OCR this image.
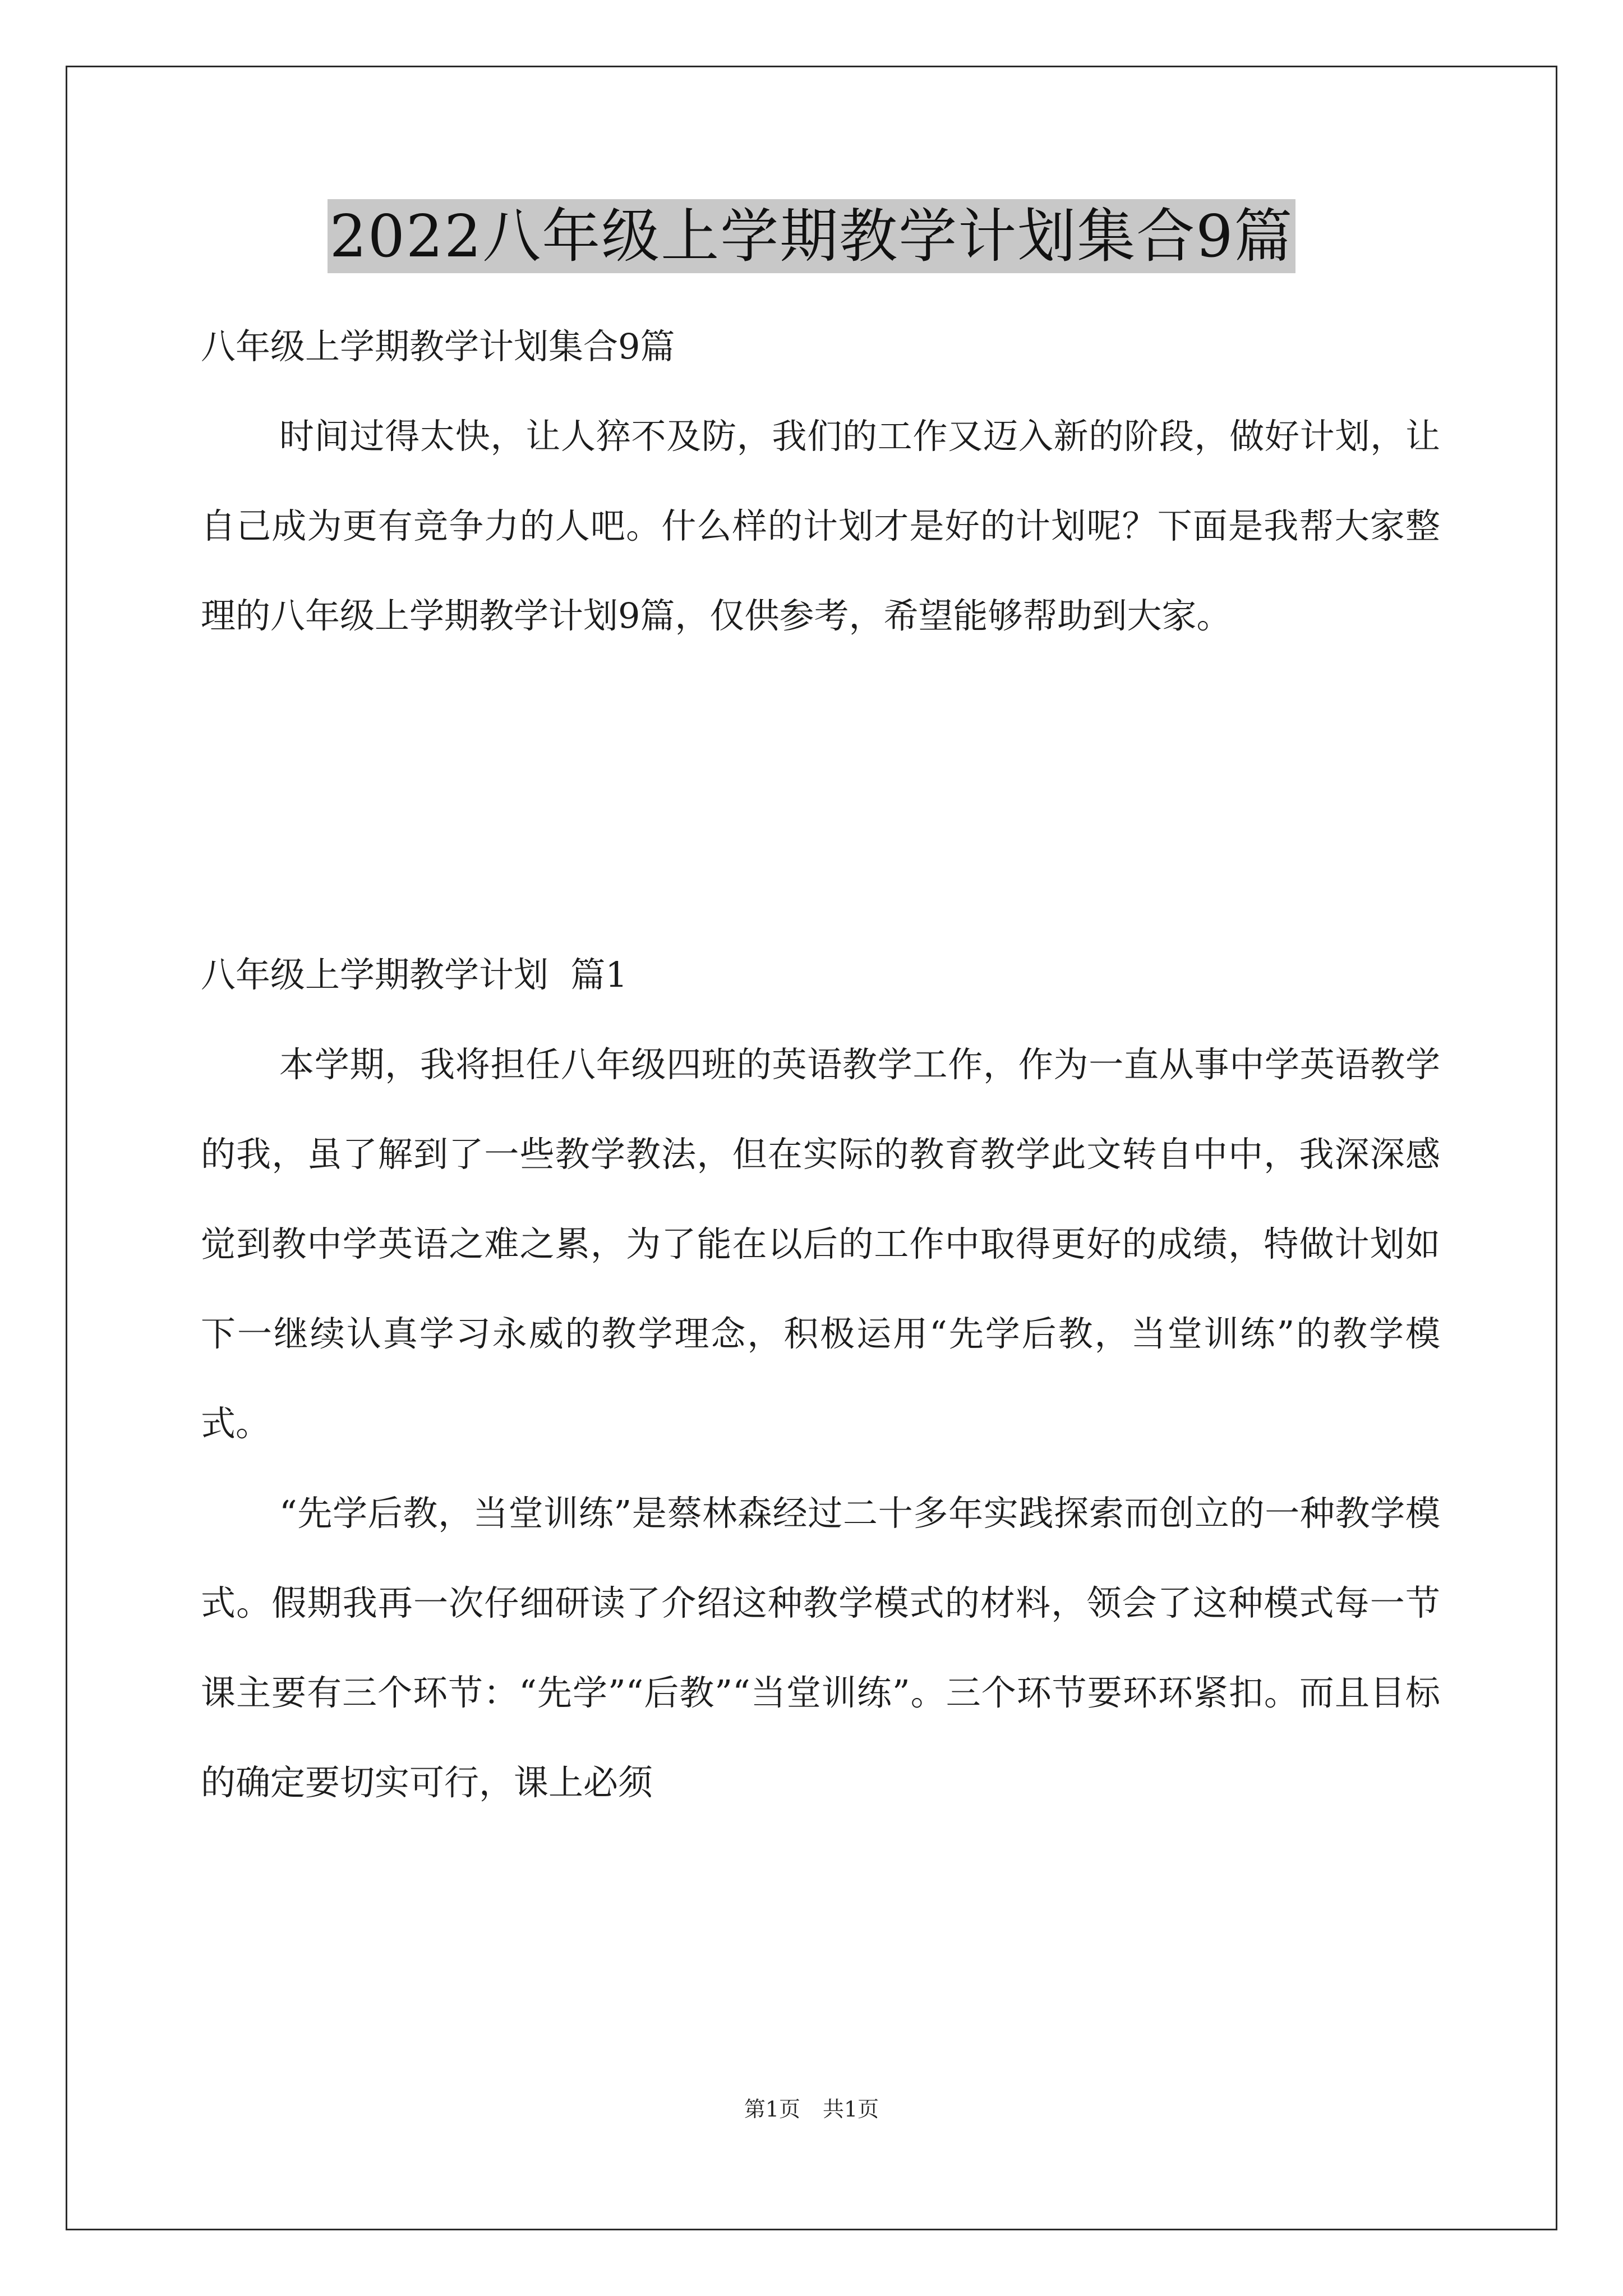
2022八年级上学期教学计划集合9篇

八年级上学期教学计划集合9篇

时间过得太快，让人猝不及防，我们的工作又迈入新的阶段，做好计划，让自己成为更有竞争力的人吧。什么样的计划才是好的计划呢？下面是我帮大家整理的八年级上学期教学计划9篇，仅供参考，希望能够帮助到大家。

八年级上学期教学计划  篇1

本学期，我将担任八年级四班的英语教学工作，作为一直从事中学英语教学的我，虽了解到了一些教学教法，但在实际的教育教学此文转自中中，我深深感觉到教中学英语之难之累，为了能在以后的工作中取得更好的成绩，特做计划如下一继续认真学习永威的教学理念，积极运用“先学后教，当堂训练”的教学模式。

“先学后教，当堂训练”是蔡林森经过二十多年实践探索而创立的一种教学模式。假期我再一次仔细研读了介绍这种教学模式的材料，领会了这种模式每一节课主要有三个环节：“先学”“后教”“当堂训练”。三个环节要环环紧扣。而且目标的确定要切实可行，课上必须

第1页 共1页
